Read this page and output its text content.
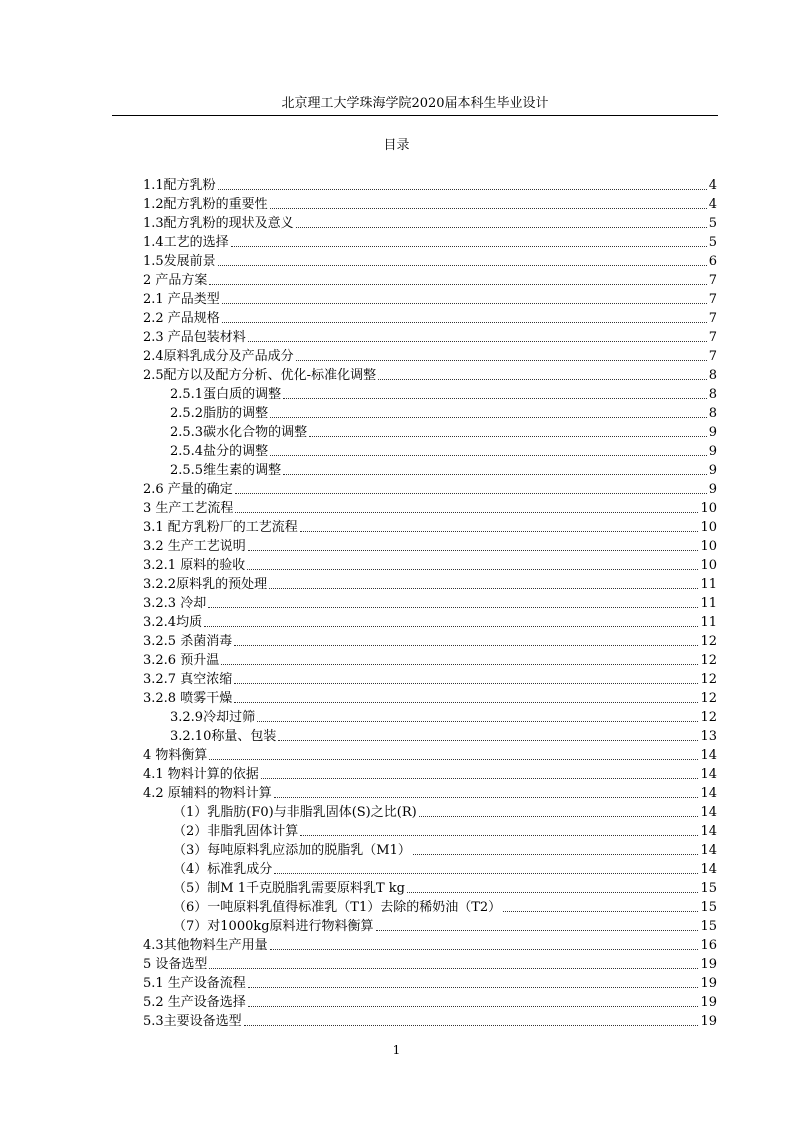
北京理工大学珠海学院2020届本科生毕业设计
目录
1.1配方乳粉	4
1.2配方乳粉的重要性	4
1.3配方乳粉的现状及意义	5
1.4工艺的选择	5
1.5发展前景	6
2 产品方案	7
2.1 产品类型	7
2.2 产品规格	7
2.3 产品包装材料	7
2.4原料乳成分及产品成分	7
2.5配方以及配方分析、优化-标准化调整	8
2.5.1蛋白质的调整	8
2.5.2脂肪的调整	8
2.5.3碳水化合物的调整	9
2.5.4盐分的调整	9
2.5.5维生素的调整	9
2.6 产量的确定	9
3 生产工艺流程	10
3.1 配方乳粉厂的工艺流程	10
3.2 生产工艺说明	10
3.2.1 原料的验收	10
3.2.2原料乳的预处理	11
3.2.3 冷却	11
3.2.4均质	11
3.2.5 杀菌消毒	12
3.2.6 预升温	12
3.2.7 真空浓缩	12
3.2.8 喷雾干燥	12
3.2.9冷却过筛	12
3.2.10称量、包装	13
4 物料衡算	14
4.1 物料计算的依据	14
4.2 原辅料的物料计算	14
（1）乳脂肪(F0)与非脂乳固体(S)之比(R)	14
（2）非脂乳固体计算	14
（3）每吨原料乳应添加的脱脂乳（M1）	14
（4）标准乳成分	14
（5）制M 1千克脱脂乳需要原料乳T kg	15
（6）一吨原料乳值得标准乳（T1）去除的稀奶油（T2）	15
（7）对1000kg原料进行物料衡算	15
4.3其他物料生产用量	16
5 设备选型	19
5.1 生产设备流程	19
5.2 生产设备选择	19
5.3主要设备选型	19
1
